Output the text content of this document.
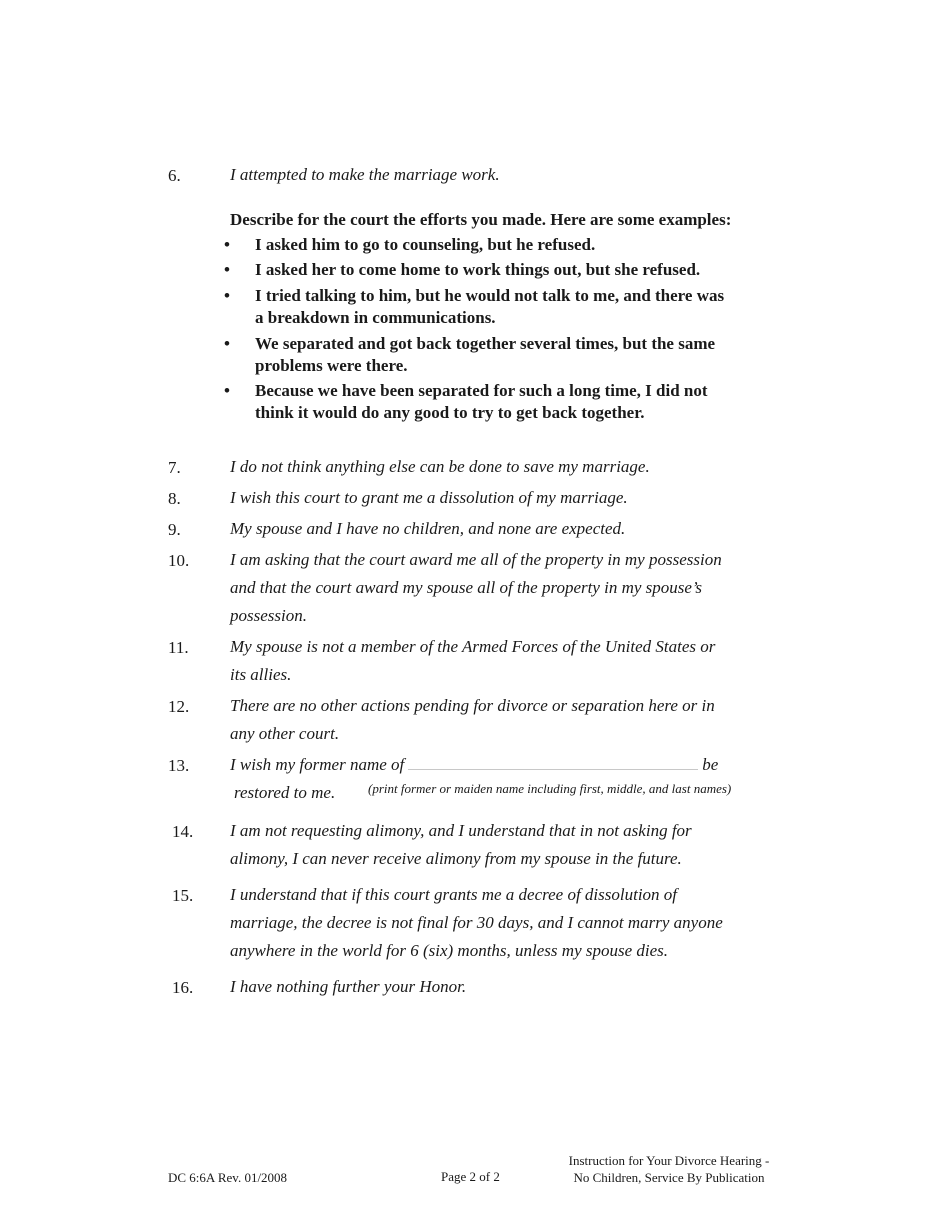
6.	I attempted to make the marriage work.
Describe for the court the efforts you made. Here are some examples:
• I asked him to go to counseling, but he refused.
• I asked her to come home to work things out, but she refused.
• I tried talking to him, but he would not talk to me, and there was
a breakdown in communications.
• We separated and got back together several times, but the same
problems were there.
• Because we have been separated for such a long time, I did not
think it would do any good to try to get back together.
7.	I do not think anything else can be done to save my marriage.
8.	I wish this court to grant me a dissolution of my marriage.
9.	My spouse and I have no children, and none are expected.
10. I am asking that the court award me all of the property in my possession
and that the court award my spouse all of the property in my spouse’s
possession.
11. My spouse is not a member of the Armed Forces of the United States or
its allies.
12. There are no other actions pending for divorce or separation here or in
any other court.
13. I wish my former name of	be
restored to me.	(print former or maiden name including first, middle, and last names)
14. I am not requesting alimony, and I understand that in not asking for
alimony, I can never receive alimony from my spouse in the future.
15. I understand that if this court grants me a decree of dissolution of
marriage, the decree is not final for 30 days, and I cannot marry anyone
anywhere in the world for 6 (six) months, unless my spouse dies.
16. I have nothing further your Honor.
DC 6:6A Rev. 01/2008	Page 2 of 2
Instruction for Your Divorce Hearing -
No Children, Service By Publication
